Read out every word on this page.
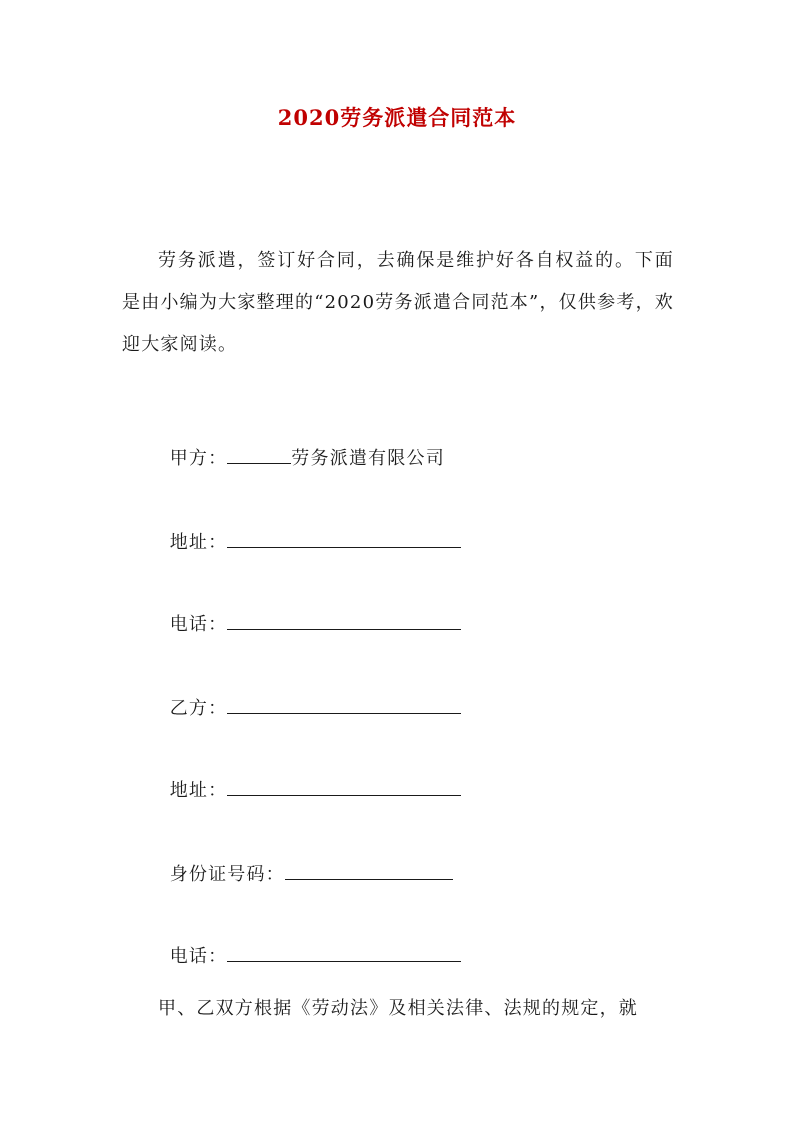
2020劳务派遣合同范本

劳务派遣，签订好合同，去确保是维护好各自权益的。下面是由小编为大家整理的“2020劳务派遣合同范本”，仅供参考，欢迎大家阅读。

甲方：	劳务派遣有限公司

地址：

电话：

乙方：

地址：

身份证号码：

电话：

甲、乙双方根据《劳动法》及相关法律、法规的规定，就
